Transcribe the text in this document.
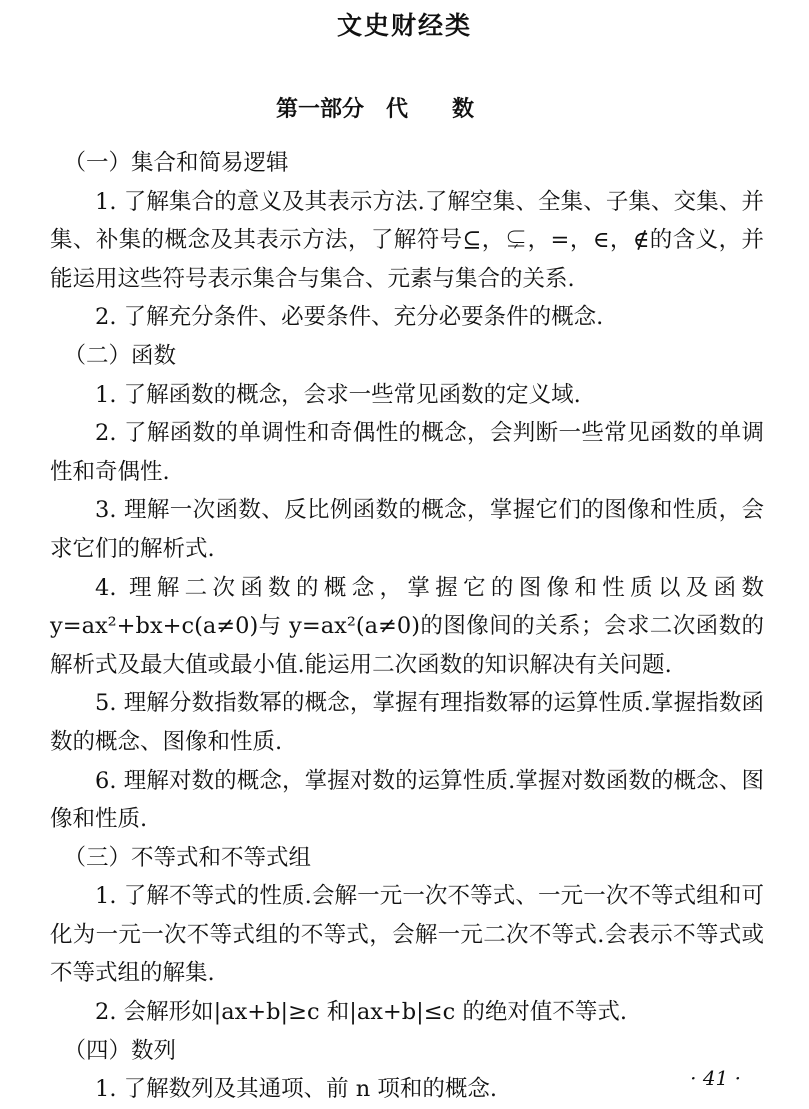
文史财经类
第一部分　代　　数

（一）集合和简易逻辑

1. 了解集合的意义及其表示方法.了解空集、全集、子集、交集、并集、补集的概念及其表示方法，了解符号⊆，⊊，=，∈，∉的含义，并能运用这些符号表示集合与集合、元素与集合的关系.

2. 了解充分条件、必要条件、充分必要条件的概念.

（二）函数

1. 了解函数的概念，会求一些常见函数的定义域.

2. 了解函数的单调性和奇偶性的概念，会判断一些常见函数的单调性和奇偶性.

3. 理解一次函数、反比例函数的概念，掌握它们的图像和性质，会求它们的解析式.

4. 理解二次函数的概念，掌握它的图像和性质以及函数 y=ax²+bx+c(a≠0)与 y=ax²(a≠0)的图像间的关系；会求二次函数的解析式及最大值或最小值.能运用二次函数的知识解决有关问题.

5. 理解分数指数幂的概念，掌握有理指数幂的运算性质.掌握指数函数的概念、图像和性质.

6. 理解对数的概念，掌握对数的运算性质.掌握对数函数的概念、图像和性质.

（三）不等式和不等式组

1. 了解不等式的性质.会解一元一次不等式、一元一次不等式组和可化为一元一次不等式组的不等式，会解一元二次不等式.会表示不等式或不等式组的解集.

2. 会解形如|ax+b|≥c 和|ax+b|≤c 的绝对值不等式.

（四）数列

1. 了解数列及其通项、前 n 项和的概念.	· 41 ·
